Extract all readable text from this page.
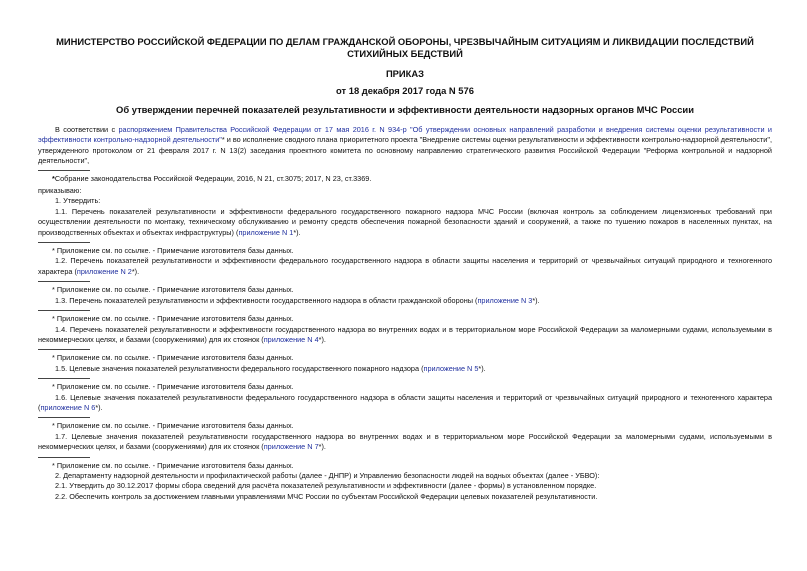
МИНИСТЕРСТВО РОССИЙСКОЙ ФЕДЕРАЦИИ ПО ДЕЛАМ ГРАЖДАНСКОЙ ОБОРОНЫ, ЧРЕЗВЫЧАЙНЫМ СИТУАЦИЯМ И ЛИКВИДАЦИИ ПОСЛЕДСТВИЙ СТИХИЙНЫХ БЕДСТВИЙ
ПРИКАЗ
от 18 декабря 2017 года N 576
Об утверждении перечней показателей результативности и эффективности деятельности надзорных органов МЧС России

В соответствии с распоряжением Правительства Российской Федерации от 17 мая 2016 г. N 934-р "Об утверждении основных направлений разработки и внедрения системы оценки результативности и эффективности контрольно-надзорной деятельности"* и во исполнение сводного плана приоритетного проекта "Внедрение системы оценки результативности и эффективности контрольно-надзорной деятельности", утвержденного протоколом от 21 февраля 2017 г. N 13(2) заседания проектного комитета по основному направлению стратегического развития Российской Федерации "Реформа контрольной и надзорной деятельности",

*Собрание законодательства Российской Федерации, 2016, N 21, ст.3075; 2017, N 23, ст.3369.

приказываю:

1. Утвердить:

1.1. Перечень показателей результативности и эффективности федерального государственного пожарного надзора МЧС России (включая контроль за соблюдением лицензионных требований при осуществлении деятельности по монтажу, техническому обслуживанию и ремонту средств обеспечения пожарной безопасности зданий и сооружений, а также по тушению пожаров в населенных пунктах, на производственных объектах и объектах инфраструктуры) (приложение N 1*).

* Приложение см. по ссылке. - Примечание изготовителя базы данных.

1.2. Перечень показателей результативности и эффективности федерального государственного надзора в области защиты населения и территорий от чрезвычайных ситуаций природного и техногенного характера (приложение N 2*).

* Приложение см. по ссылке. - Примечание изготовителя базы данных.

1.3. Перечень показателей результативности и эффективности государственного надзора в области гражданской обороны (приложение N 3*).

* Приложение см. по ссылке. - Примечание изготовителя базы данных.

1.4. Перечень показателей результативности и эффективности государственного надзора во внутренних водах и в территориальном море Российской Федерации за маломерными судами, используемыми в некоммерческих целях, и базами (сооружениями) для их стоянок (приложение N 4*).

* Приложение см. по ссылке. - Примечание изготовителя базы данных.

1.5. Целевые значения показателей результативности федерального государственного пожарного надзора (приложение N 5*).

* Приложение см. по ссылке. - Примечание изготовителя базы данных.

1.6. Целевые значения показателей результативности федерального государственного надзора в области защиты населения и территорий от чрезвычайных ситуаций природного и техногенного характера (приложение N 6*).

* Приложение см. по ссылке. - Примечание изготовителя базы данных.

1.7. Целевые значения показателей результативности государственного надзора во внутренних водах и в территориальном море Российской Федерации за маломерными судами, используемыми в некоммерческих целях, и базами (сооружениями) для их стоянок (приложение N 7*).

* Приложение см. по ссылке. - Примечание изготовителя базы данных.

2. Департаменту надзорной деятельности и профилактической работы (далее - ДНПР) и Управлению безопасности людей на водных объектах (далее - УБВО):

2.1. Утвердить до 30.12.2017 формы сбора сведений для расчёта показателей результативности и эффективности (далее - формы) в установленном порядке.

2.2. Обеспечить контроль за достижением главными управлениями МЧС России по субъектам Российской Федерации целевых показателей результативности.
